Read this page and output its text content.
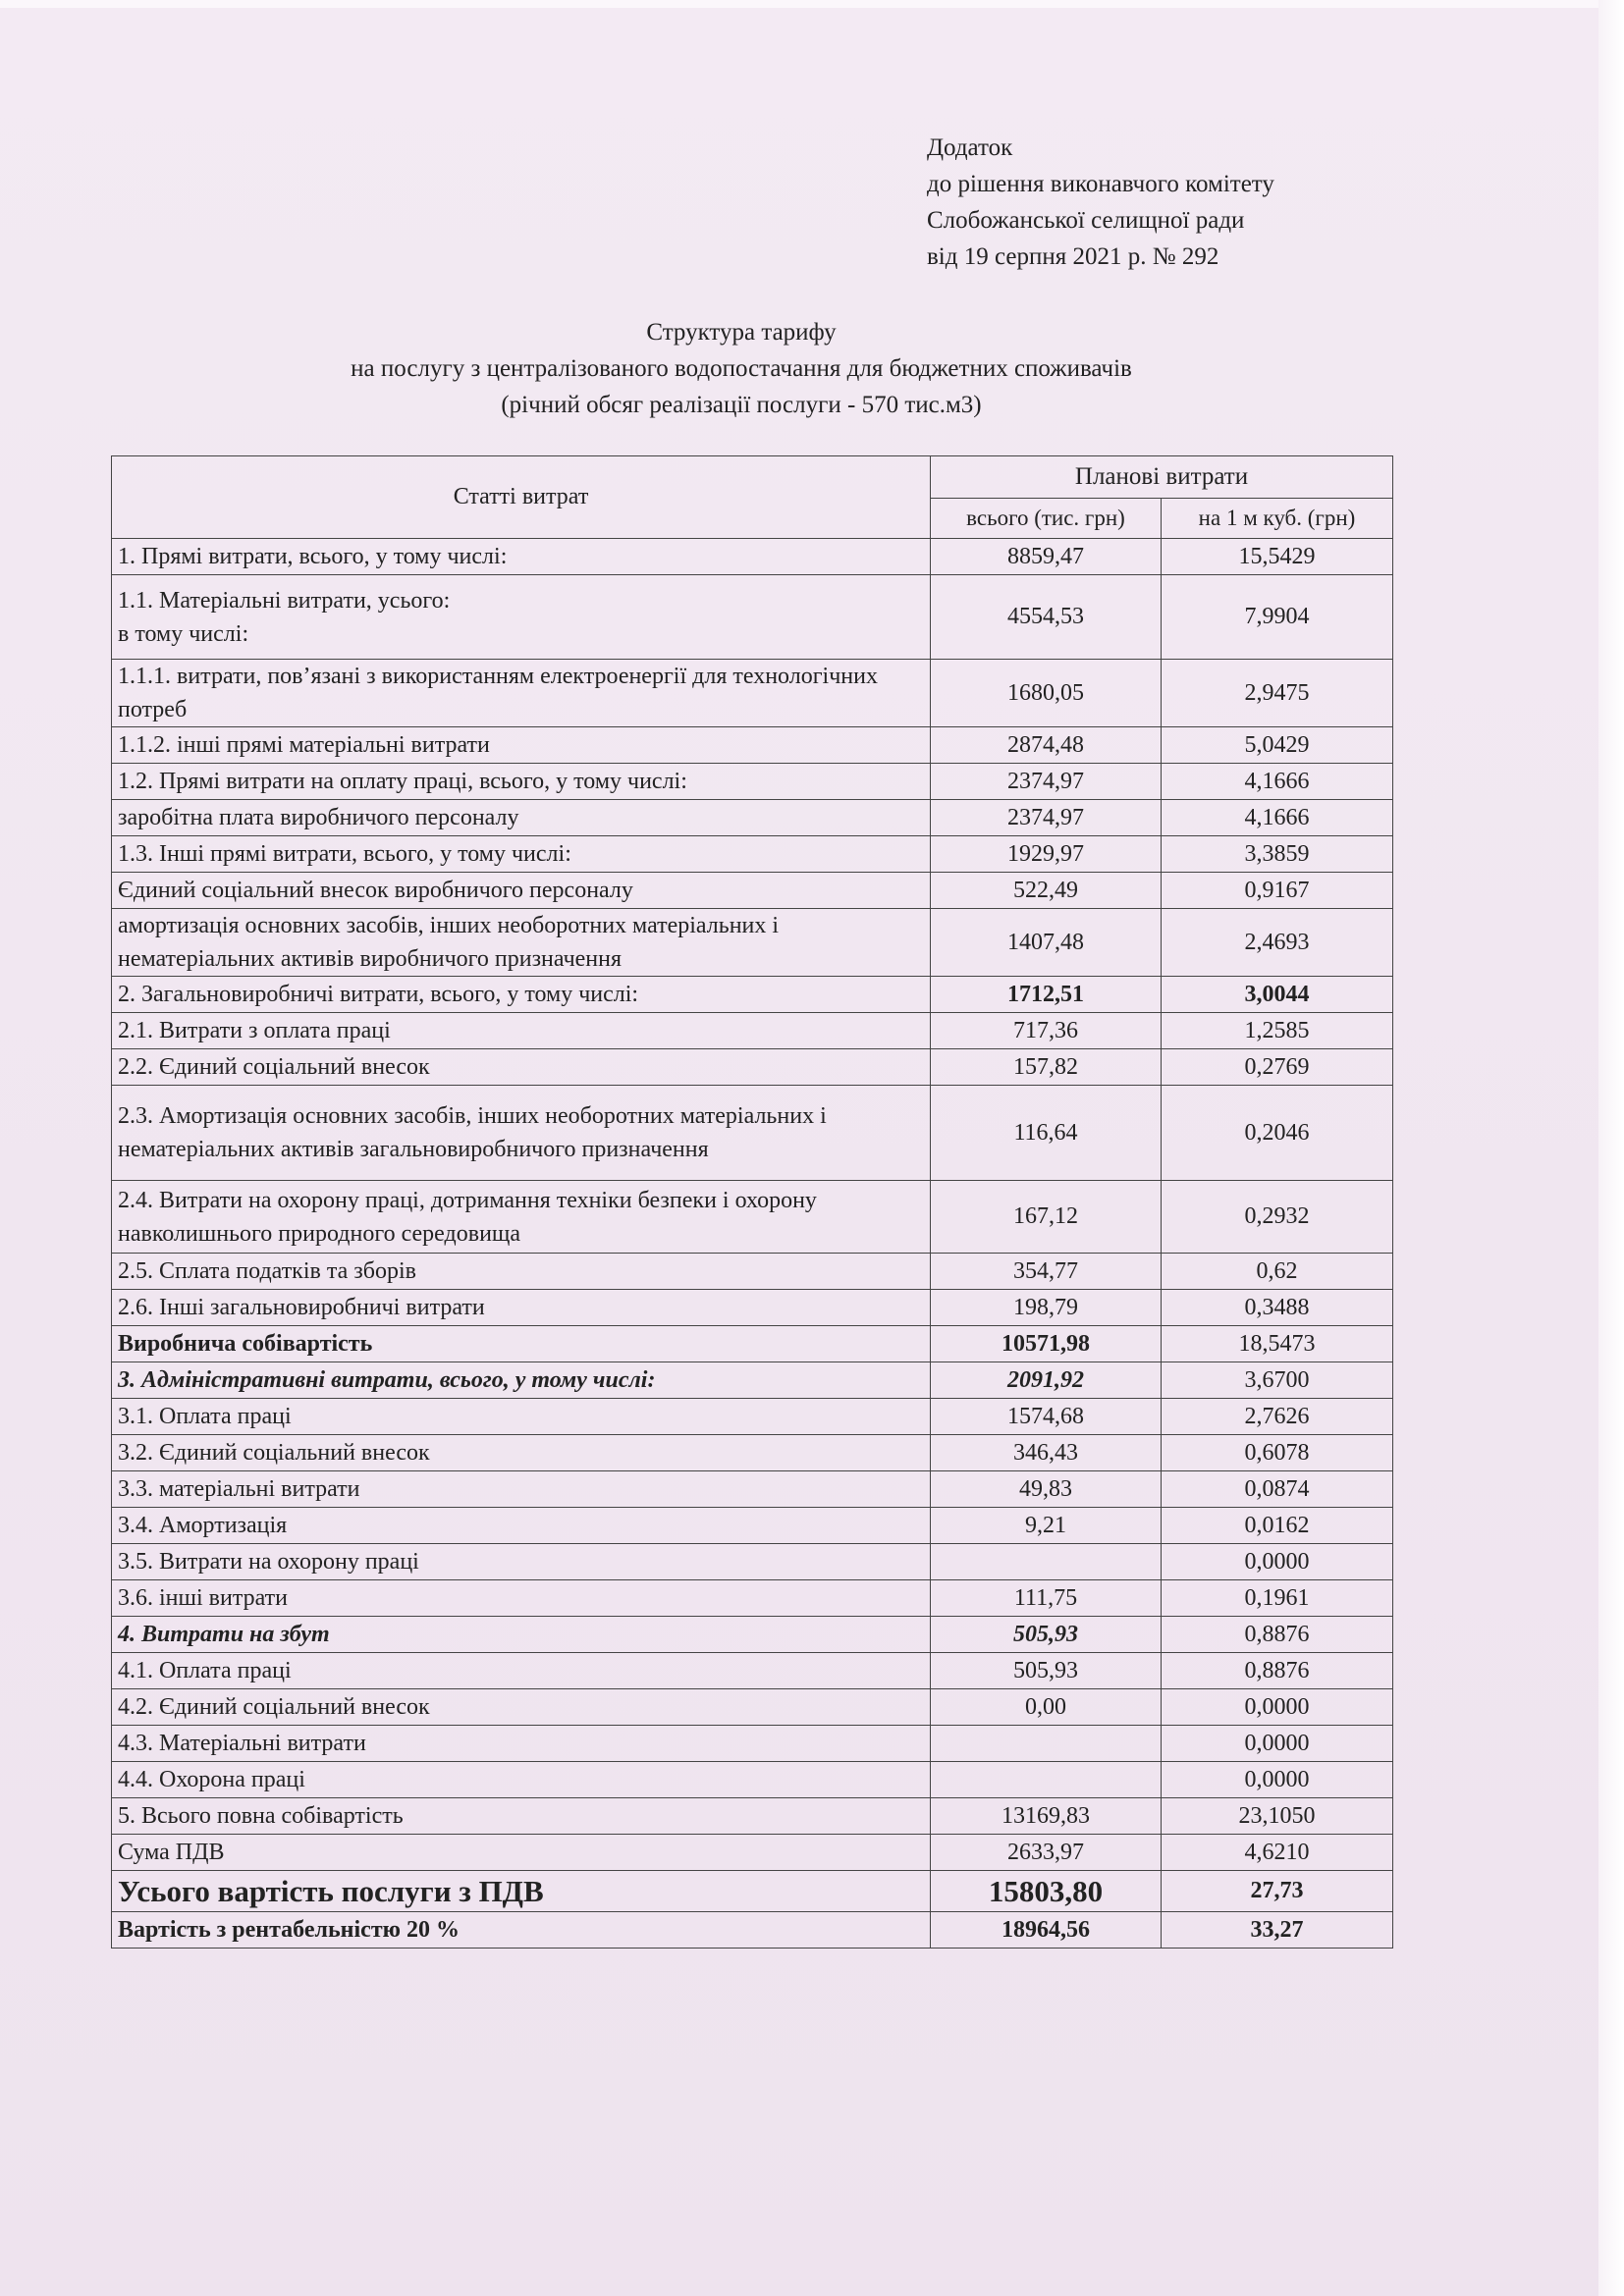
Додаток
до рішення виконавчого комітету
Слобожанської селищної ради
від 19 серпня 2021 р. № 292
Структура тарифу
на послугу з централізованого водопостачання для бюджетних споживачів
(річний обсяг реалізації послуги - 570 тис.м3)
Статті витрат	Планові витрати	
	всього (тис. грн)	на 1 м куб. (грн)
1. Прямі витрати, всього, у тому числі:	8859,47	15,5429
1.1. Матеріальні витрати, усього:
в тому числі:	4554,53	7,9904
1.1.1. витрати, пов’язані з використанням електроенергії для технологічних потреб	1680,05	2,9475
1.1.2. інші прямі матеріальні витрати	2874,48	5,0429
1.2. Прямі витрати на оплату праці, всього, у тому числі:	2374,97	4,1666
заробітна плата виробничого персоналу	2374,97	4,1666
1.3. Інші прямі витрати, всього, у тому числі:	1929,97	3,3859
Єдиний соціальний внесок виробничого персоналу	522,49	0,9167
амортизація основних засобів, інших необоротних матеріальних і нематеріальних активів виробничого призначення	1407,48	2,4693
2. Загальновиробничі витрати, всього, у тому числі:	1712,51	3,0044
2.1. Витрати з оплата праці	717,36	1,2585
2.2. Єдиний соціальний внесок	157,82	0,2769
2.3. Амортизація основних засобів, інших необоротних матеріальних і нематеріальних активів загальновиробничого призначення	116,64	0,2046
2.4. Витрати на охорону праці, дотримання техніки безпеки і охорону навколишнього природного середовища	167,12	0,2932
2.5. Сплата податків та зборів	354,77	0,62
2.6. Інші загальновиробничі витрати	198,79	0,3488
Виробнича собівартість	10571,98	18,5473
3. Адміністративні витрати, всього, у тому числі:	2091,92	3,6700
3.1. Оплата праці	1574,68	2,7626
3.2. Єдиний соціальний внесок	346,43	0,6078
3.3. матеріальні витрати	49,83	0,0874
3.4. Амортизація	9,21	0,0162
3.5. Витрати на охорону праці		0,0000
3.6. інші витрати	111,75	0,1961
4. Витрати на збут	505,93	0,8876
4.1. Оплата праці	505,93	0,8876
4.2. Єдиний соціальний внесок	0,00	0,0000
4.3. Матеріальні витрати		0,0000
4.4. Охорона праці		0,0000
5. Всього повна собівартість	13169,83	23,1050
Сума ПДВ	2633,97	4,6210
Усього вартість послуги з ПДВ	15803,80	27,73
Вартість з рентабельністю 20 %	18964,56	33,27
